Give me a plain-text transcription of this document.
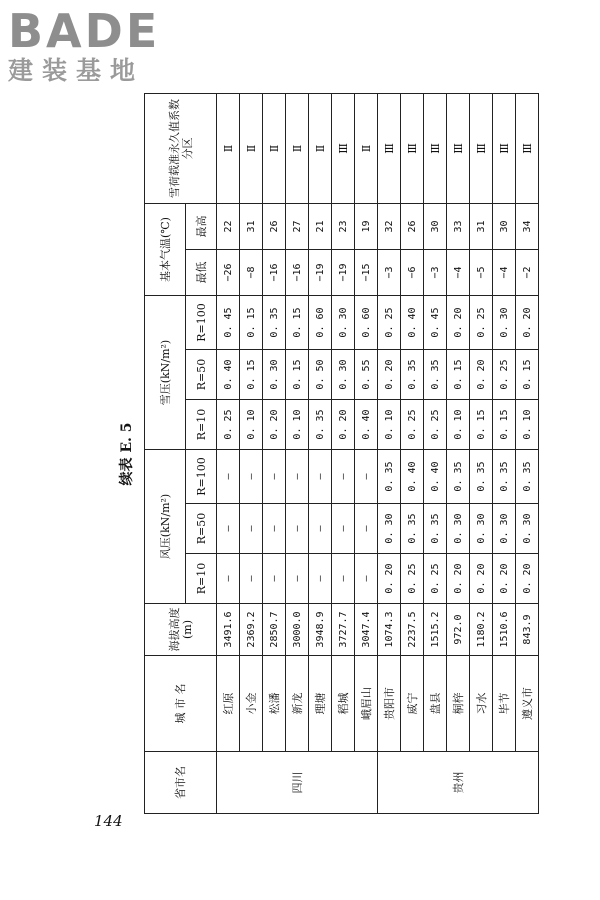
BADE
建装基地
续表 E. 5
省市名	城 市 名	海拔高度(m)	风压(kN/m²)			雪压(kN/m²)			基本气温(℃)		雪荷载准永久值系数分区
			R=10	R=50	R=100	R=10	R=50	R=100	最低	最高	
四川	红原	3491.6	—	—	—	0. 25	0. 40	0. 45	−26	22	Ⅱ
	小金	2369.2	—	—	—	0. 10	0. 15	0. 15	−8	31	Ⅱ
	松潘	2850.7	—	—	—	0. 20	0. 30	0. 35	−16	26	Ⅱ
	新龙	3000.0	—	—	—	0. 10	0. 15	0. 15	−16	27	Ⅱ
	理塘	3948.9	—	—	—	0. 35	0. 50	0. 60	−19	21	Ⅱ
	稻城	3727.7	—	—	—	0. 20	0. 30	0. 30	−19	23	Ⅲ
	峨眉山	3047.4	—	—	—	0. 40	0. 55	0. 60	−15	19	Ⅱ
贵州	贵阳市	1074.3	0. 20	0. 30	0. 35	0. 10	0. 20	0. 25	−3	32	Ⅲ
	威宁	2237.5	0. 25	0. 35	0. 40	0. 25	0. 35	0. 40	−6	26	Ⅲ
	盘县	1515.2	0. 25	0. 35	0. 40	0. 25	0. 35	0. 45	−3	30	Ⅲ
	桐梓	972.0	0. 20	0. 30	0. 35	0. 10	0. 15	0. 20	−4	33	Ⅲ
	习水	1180.2	0. 20	0. 30	0. 35	0. 15	0. 20	0. 25	−5	31	Ⅲ
	毕节	1510.6	0. 20	0. 30	0. 35	0. 15	0. 25	0. 30	−4	30	Ⅲ
	遵义市	843.9	0. 20	0. 30	0. 35	0. 10	0. 15	0. 20	−2	34	Ⅲ
144
